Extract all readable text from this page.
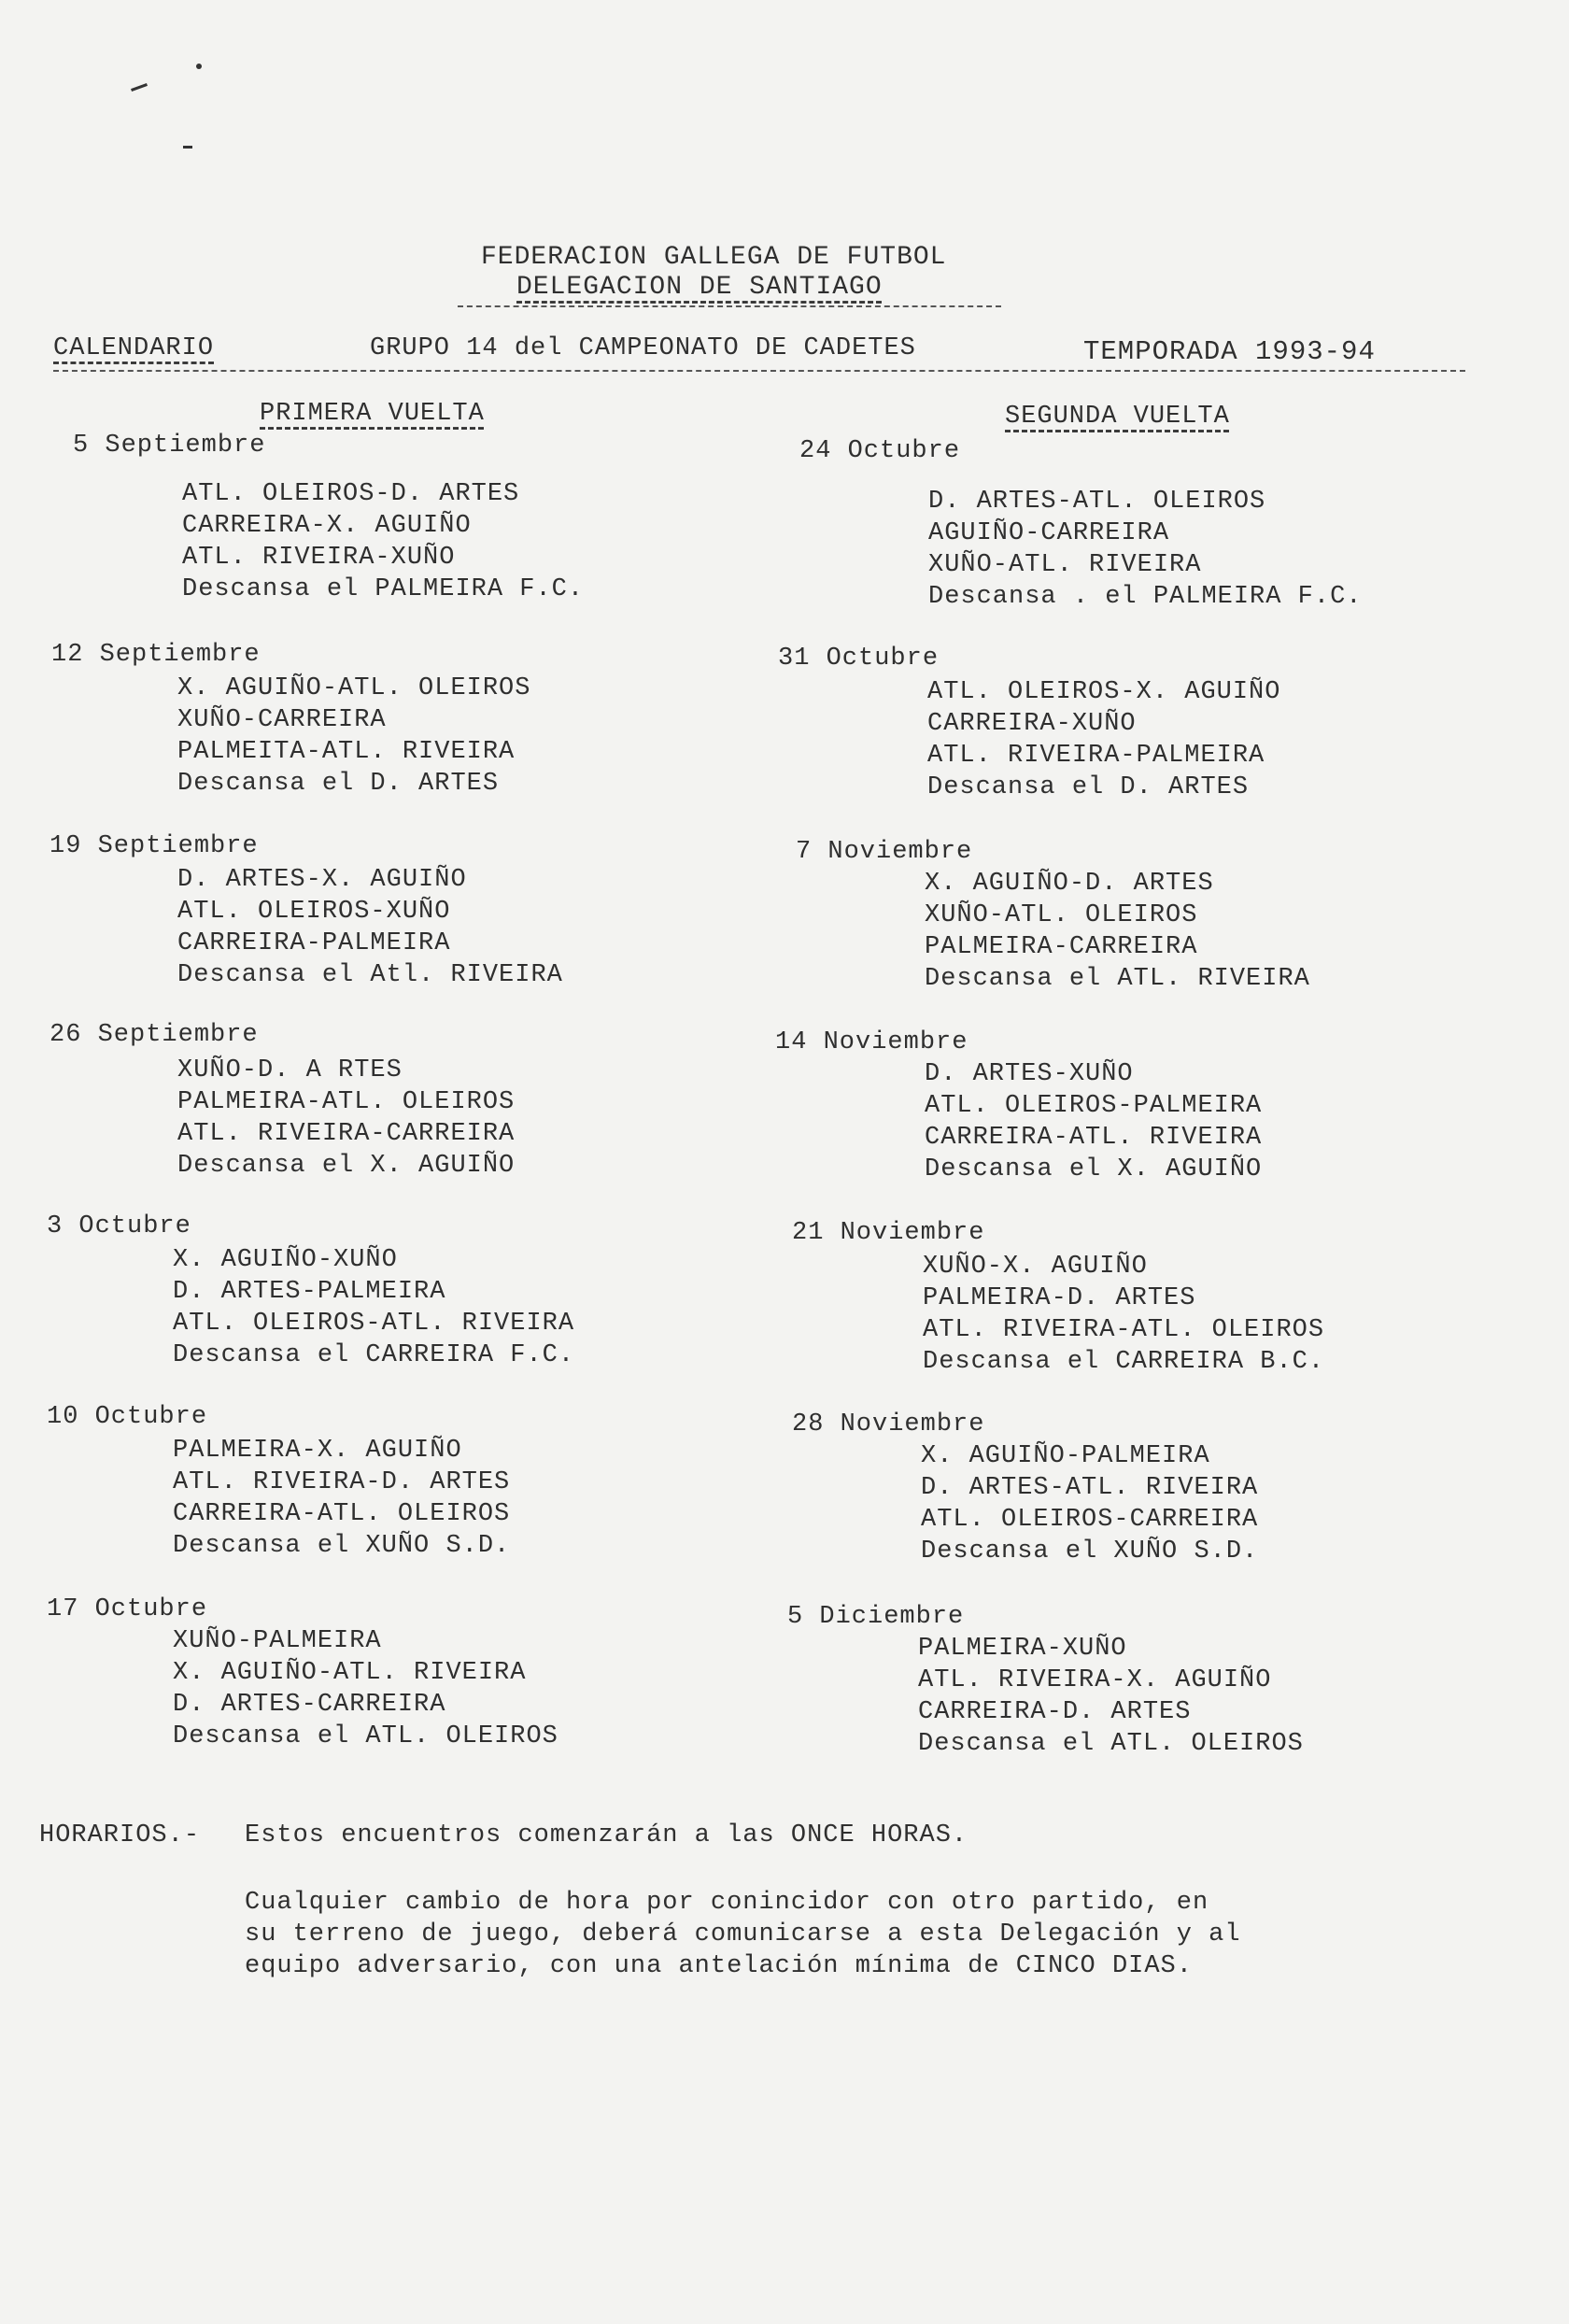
FEDERACION GALLEGA DE FUTBOL
DELEGACION DE SANTIAGO
CALENDARIO	GRUPO 14 del CAMPEONATO DE CADETES	TEMPORADA 1993-94
PRIMERA VUELTA	SEGUNDA VUELTA
5 Septiembre
ATL. OLEIROS-D. ARTES
CARREIRA-X. AGUIÑO
ATL. RIVEIRA-XUÑO
Descansa el PALMEIRA F.C.
12 Septiembre
X. AGUIÑO-ATL. OLEIROS
XUÑO-CARREIRA
PALMEITA-ATL. RIVEIRA
Descansa el D. ARTES
19 Septiembre
D. ARTES-X. AGUIÑO
ATL. OLEIROS-XUÑO
CARREIRA-PALMEIRA
Descansa el Atl. RIVEIRA
26 Septiembre
XUÑO-D. A RTES
PALMEIRA-ATL. OLEIROS
ATL. RIVEIRA-CARREIRA
Descansa el X. AGUIÑO
3 Octubre
X. AGUIÑO-XUÑO
D. ARTES-PALMEIRA
ATL. OLEIROS-ATL. RIVEIRA
Descansa el CARREIRA F.C.
10 Octubre
PALMEIRA-X. AGUIÑO
ATL. RIVEIRA-D. ARTES
CARREIRA-ATL. OLEIROS
Descansa el XUÑO S.D.
17 Octubre
XUÑO-PALMEIRA
X. AGUIÑO-ATL. RIVEIRA
D. ARTES-CARREIRA
Descansa el ATL. OLEIROS
24 Octubre
D. ARTES-ATL. OLEIROS
AGUIÑO-CARREIRA
XUÑO-ATL. RIVEIRA
Descansa . el PALMEIRA F.C.
31 Octubre
ATL. OLEIROS-X. AGUIÑO
CARREIRA-XUÑO
ATL. RIVEIRA-PALMEIRA
Descansa el D. ARTES
7 Noviembre
X. AGUIÑO-D. ARTES
XUÑO-ATL. OLEIROS
PALMEIRA-CARREIRA
Descansa el ATL. RIVEIRA
14 Noviembre
D. ARTES-XUÑO
ATL. OLEIROS-PALMEIRA
CARREIRA-ATL. RIVEIRA
Descansa el X. AGUIÑO
21 Noviembre
XUÑO-X. AGUIÑO
PALMEIRA-D. ARTES
ATL. RIVEIRA-ATL. OLEIROS
Descansa el CARREIRA B.C.
28 Noviembre
X. AGUIÑO-PALMEIRA
D. ARTES-ATL. RIVEIRA
ATL. OLEIROS-CARREIRA
Descansa el XUÑO S.D.
5 Diciembre
PALMEIRA-XUÑO
ATL. RIVEIRA-X. AGUIÑO
CARREIRA-D. ARTES
Descansa el ATL. OLEIROS
HORARIOS.- Estos encuentros comenzarán a las ONCE HORAS.
Cualquier cambio de hora por conincidor con otro partido, en
su terreno de juego, deberá comunicarse a esta Delegación y al
equipo adversario, con una antelación mínima de CINCO DIAS.
